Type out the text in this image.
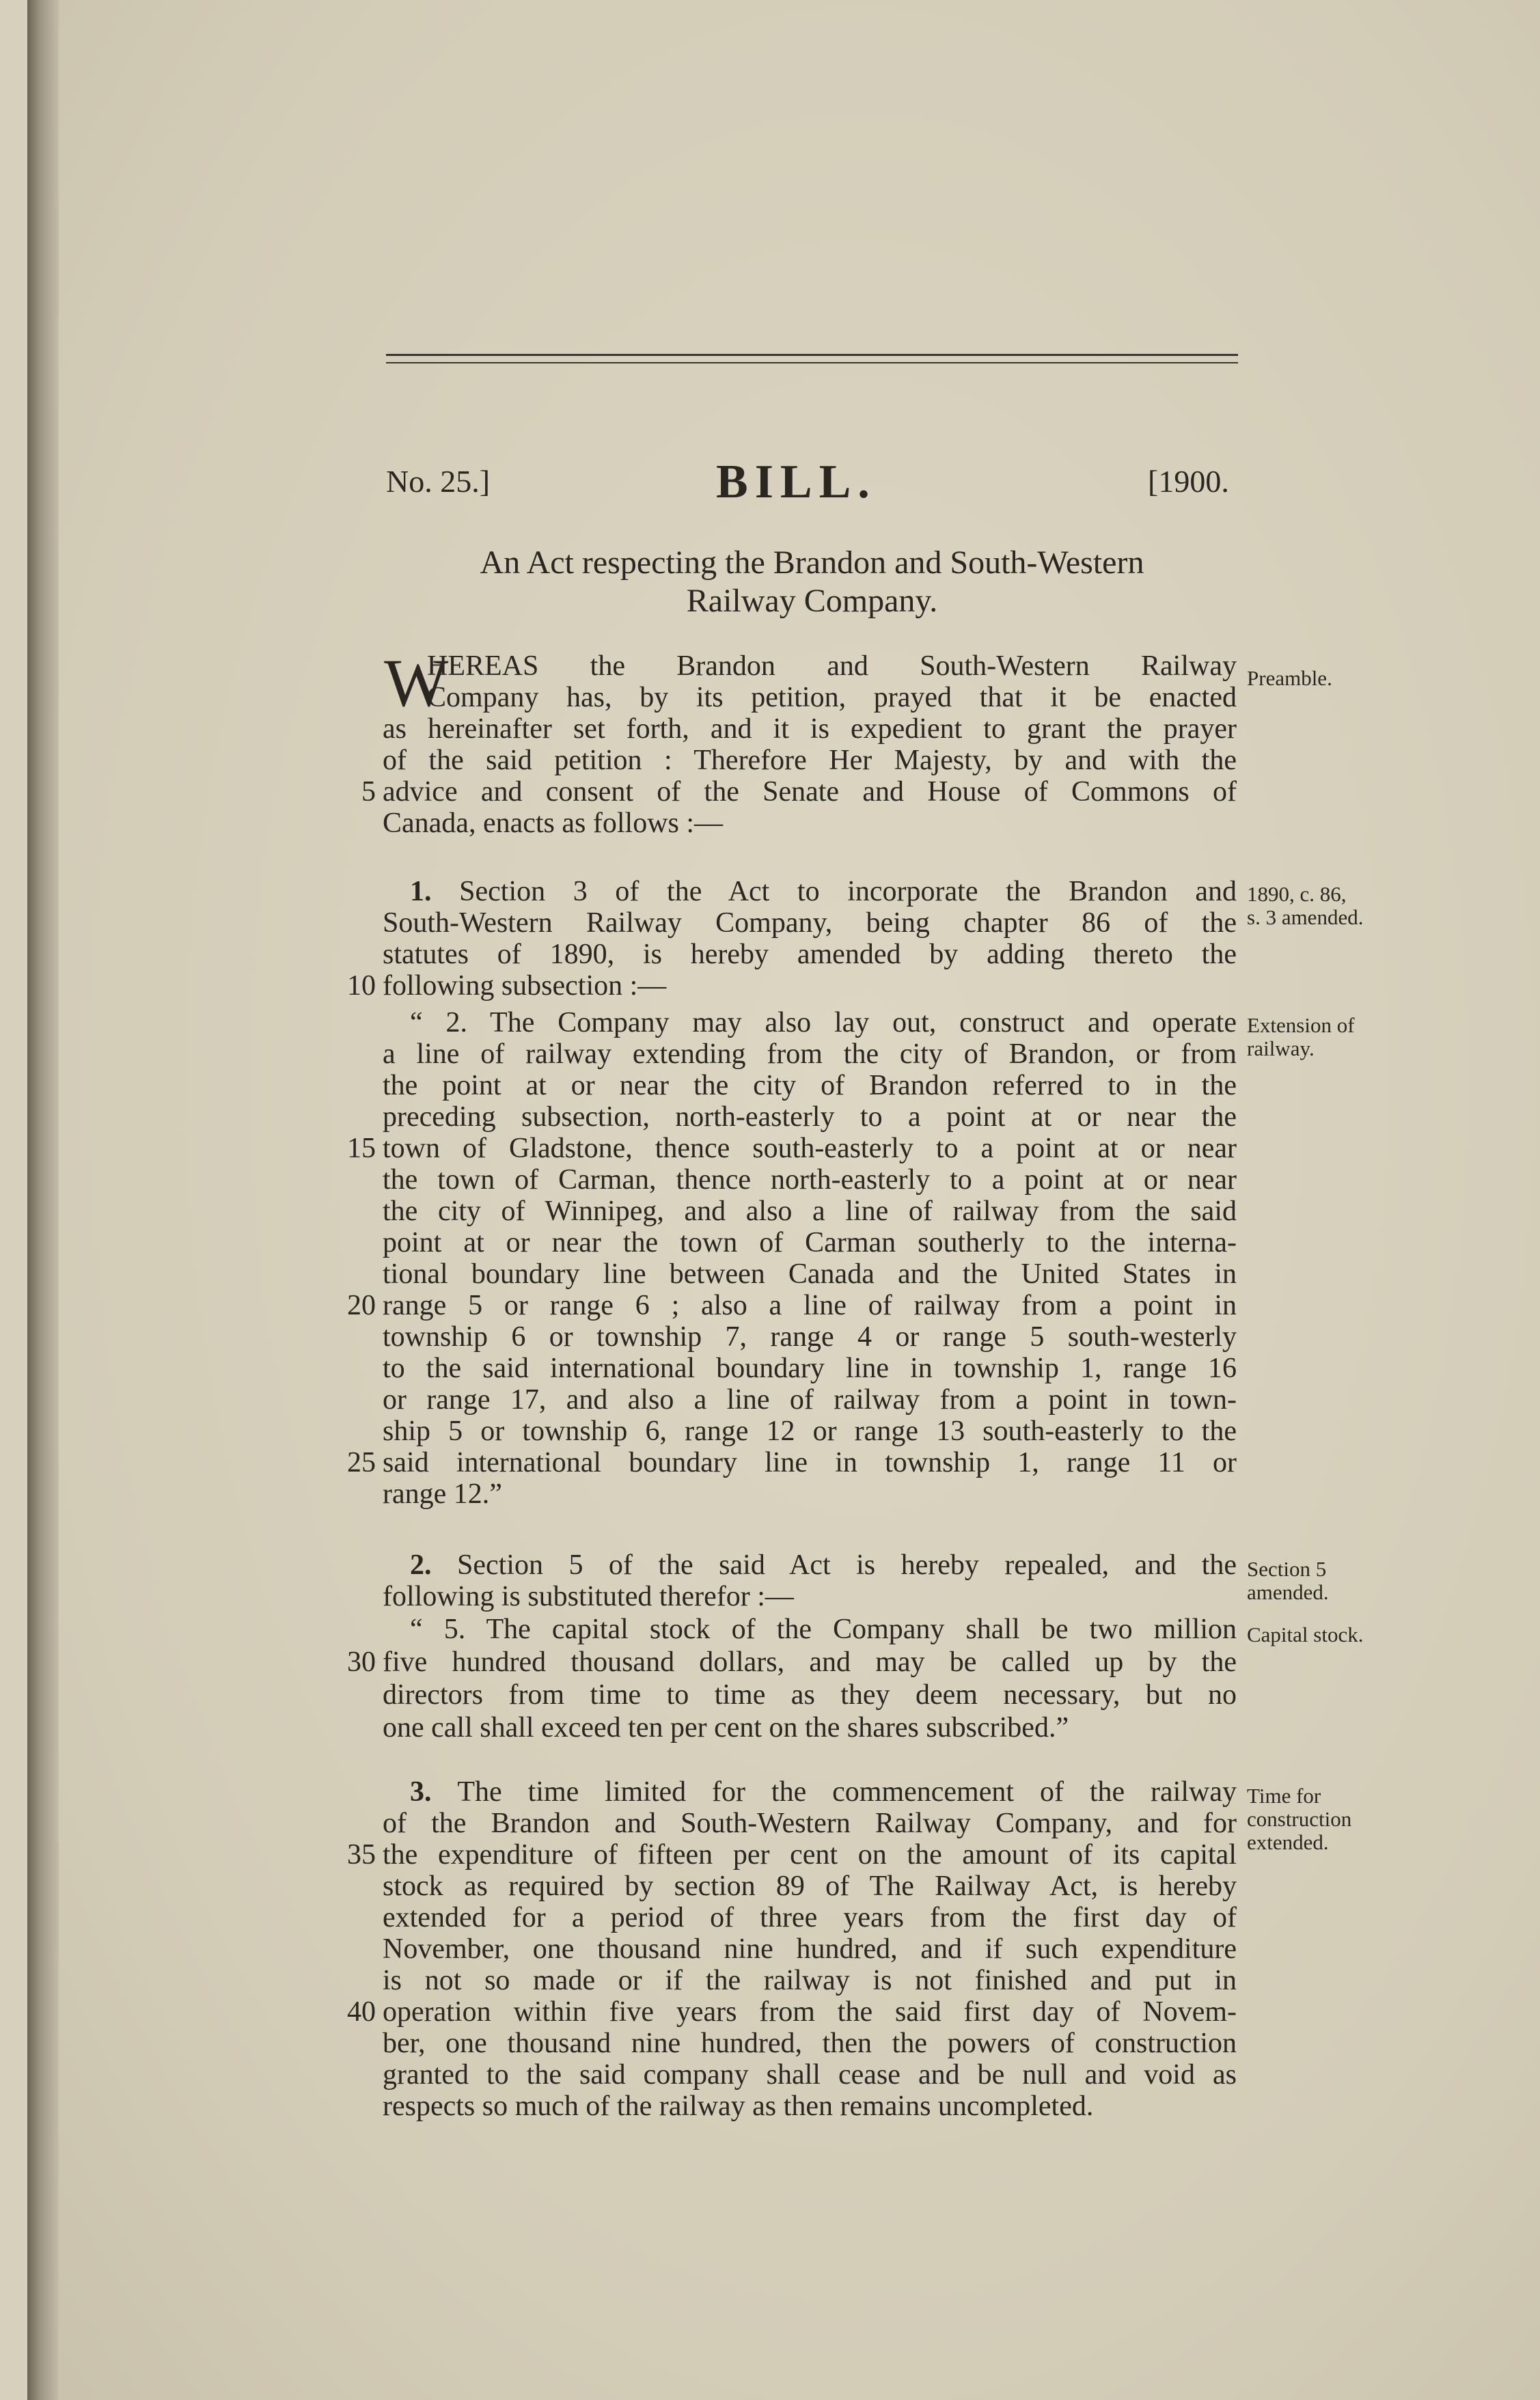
No. 25.]	BILL.	[1900.
An Act respecting the Brandon and South-Western
Railway Company.
W
HEREAS the Brandon and South-Western Railway
Company has, by its petition, prayed that it be enacted
as hereinafter set forth, and it is expedient to grant the prayer
of the said petition : Therefore Her Majesty, by and with the
advice and consent of the Senate and House of Commons of
Canada, enacts as follows :—
1. Section 3 of the Act to incorporate the Brandon and
South-Western Railway Company, being chapter 86 of the
statutes of 1890, is hereby amended by adding thereto the
following subsection :—
“ 2. The Company may also lay out, construct and operate
a line of railway extending from the city of Brandon, or from
the point at or near the city of Brandon referred to in the
preceding subsection, north-easterly to a point at or near the
town of Gladstone, thence south-easterly to a point at or near
the town of Carman, thence north-easterly to a point at or near
the city of Winnipeg, and also a line of railway from the said
point at or near the town of Carman southerly to the interna-
tional boundary line between Canada and the United States in
range 5 or range 6 ; also a line of railway from a point in
township 6 or township 7, range 4 or range 5 south-westerly
to the said international boundary line in township 1, range 16
or range 17, and also a line of railway from a point in town-
ship 5 or township 6, range 12 or range 13 south-easterly to the
said international boundary line in township 1, range 11 or
range 12.”
2. Section 5 of the said Act is hereby repealed, and the
following is substituted therefor :—
“ 5. The capital stock of the Company shall be two million
five hundred thousand dollars, and may be called up by the
directors from time to time as they deem necessary, but no
one call shall exceed ten per cent on the shares subscribed.”
3. The time limited for the commencement of the railway
of the Brandon and South-Western Railway Company, and for
the expenditure of fifteen per cent on the amount of its capital
stock as required by section 89 of The Railway Act, is hereby
extended for a period of three years from the first day of
November, one thousand nine hundred, and if such expenditure
is not so made or if the railway is not finished and put in
operation within five years from the said first day of Novem-
ber, one thousand nine hundred, then the powers of construction
granted to the said company shall cease and be null and void as
respects so much of the railway as then remains uncompleted.
5
10
15
20
25
30
35
40
Preamble.
1890, c. 86,
s. 3 amended.
Extension of
railway.
Section 5
amended.
Capital stock.
Time for
construction
extended.
